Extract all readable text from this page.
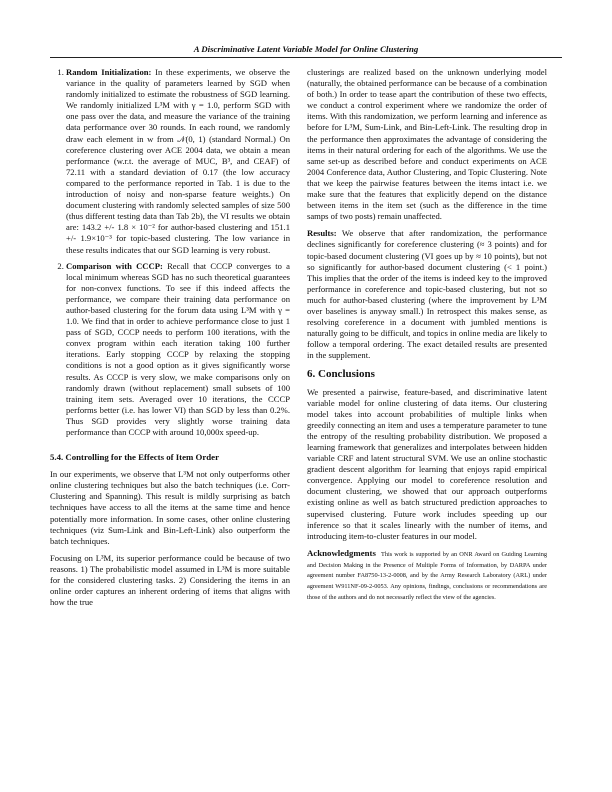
A Discriminative Latent Variable Model for Online Clustering
1. Random Initialization: In these experiments, we observe the variance in the quality of parameters learned by SGD when randomly initialized to estimate the robustness of SGD learning. We randomly initialized L³M with γ = 1.0, perform SGD with one pass over the data, and measure the variance of the training data performance over 30 rounds. In each round, we randomly draw each element in w from 𝒩(0, 1) (standard Normal.) On coreference clustering over ACE 2004 data, we obtain a mean performance (w.r.t. the average of MUC, B³, and CEAF) of 72.11 with a standard deviation of 0.17 (the low accuracy compared to the performance reported in Tab. 1 is due to the introduction of noisy and non-sparse feature weights.) On document clustering with randomly selected samples of size 500 (thus different testing data than Tab 2b), the VI results we obtain are: 143.2 +/- 1.8 × 10⁻² for author-based clustering and 151.1 +/- 1.9×10⁻³ for topic-based clustering. The low variance in these results indicates that our SGD learning is very robust.
2. Comparison with CCCP: Recall that CCCP converges to a local minimum whereas SGD has no such theoretical guarantees for non-convex functions. To see if this indeed affects the performance, we compare their training data performance on author-based clustering for the forum data using L³M with γ = 1.0. We find that in order to achieve performance close to just 1 pass of SGD, CCCP needs to perform 100 iterations, with the convex program within each iteration taking 100 further iterations. Early stopping CCCP by relaxing the stopping conditions is not a good option as it gives significantly worse results. As CCCP is very slow, we make comparisons only on randomly drawn (without replacement) small subsets of 100 training item sets. Averaged over 10 iterations, the CCCP performs better (i.e. has lower VI) than SGD by less than 0.2%. Thus SGD provides very slightly worse training data performance than CCCP with around 10,000x speed-up.
5.4. Controlling for the Effects of Item Order

In our experiments, we observe that L³M not only outperforms other online clustering techniques but also the batch techniques (i.e. Corr-Clustering and Spanning). This result is mildly surprising as batch techniques have access to all the items at the same time and hence potentially more information. In some cases, other online clustering techniques (viz Sum-Link and Bin-Left-Link) also outperform the batch techniques.

Focusing on L³M, its superior performance could be because of two reasons. 1) The probabilistic model assumed in L³M is more suitable for the considered clustering tasks. 2) Considering the items in an online order captures an inherent ordering of items that aligns with how the true

clusterings are realized based on the unknown underlying model (naturally, the obtained performance can be because of a combination of both.) In order to tease apart the contribution of these two effects, we conduct a control experiment where we randomize the order of items. With this randomization, we perform learning and inference as before for L³M, Sum-Link, and Bin-Left-Link. The resulting drop in the performance then approximates the advantage of considering the items in their natural ordering for each of the algorithms. We use the same set-up as described before and conduct experiments on ACE 2004 Conference data, Author Clustering, and Topic Clustering. Note that we keep the pairwise features between the items intact i.e. we make sure that the features that explicitly depend on the distance between items in the item set (such as the difference in the time samps of two posts) remain unaffected.

Results: We observe that after randomization, the performance declines significantly for coreference clustering (≈ 3 points) and for topic-based document clustering (VI goes up by ≈ 10 points), but not so significantly for author-based document clustering (< 1 point.) This implies that the order of the items is indeed key to the improved performance in coreference and topic-based clustering, but not so much for author-based clustering (where the improvement by L³M over baselines is anyway small.) In retrospect this makes sense, as resolving coreference in a document with jumbled mentions is naturally going to be difficult, and topics in online media are likely to follow a temporal ordering. The exact detailed results are presented in the supplement.

6. Conclusions

We presented a pairwise, feature-based, and discriminative latent variable model for online clustering of data items. Our clustering model takes into account probabilities of multiple links when greedily connecting an item and uses a temperature parameter to tune the entropy of the resulting probability distribution. We proposed a learning framework that generalizes and interpolates between hidden variable CRF and latent structural SVM. We use an online stochastic gradient descent algorithm for learning that enjoys rapid empirical convergence. Applying our model to coreference resolution and document clustering, we showed that our approach outperforms existing online as well as batch structured prediction approaches to supervised clustering. Future work includes speeding up our inference so that it scales linearly with the number of items, and introducing item-to-cluster features in our model.

Acknowledgments This work is supported by an ONR Award on Guiding Learning and Decision Making in the Presence of Multiple Forms of Information, by DARPA under agreement number FA8750-13-2-0008, and by the Army Research Laboratory (ARL) under agreement W911NF-09-2-0053. Any opinions, findings, conclusions or recommendations are those of the authors and do not necessarily reflect the view of the agencies.
